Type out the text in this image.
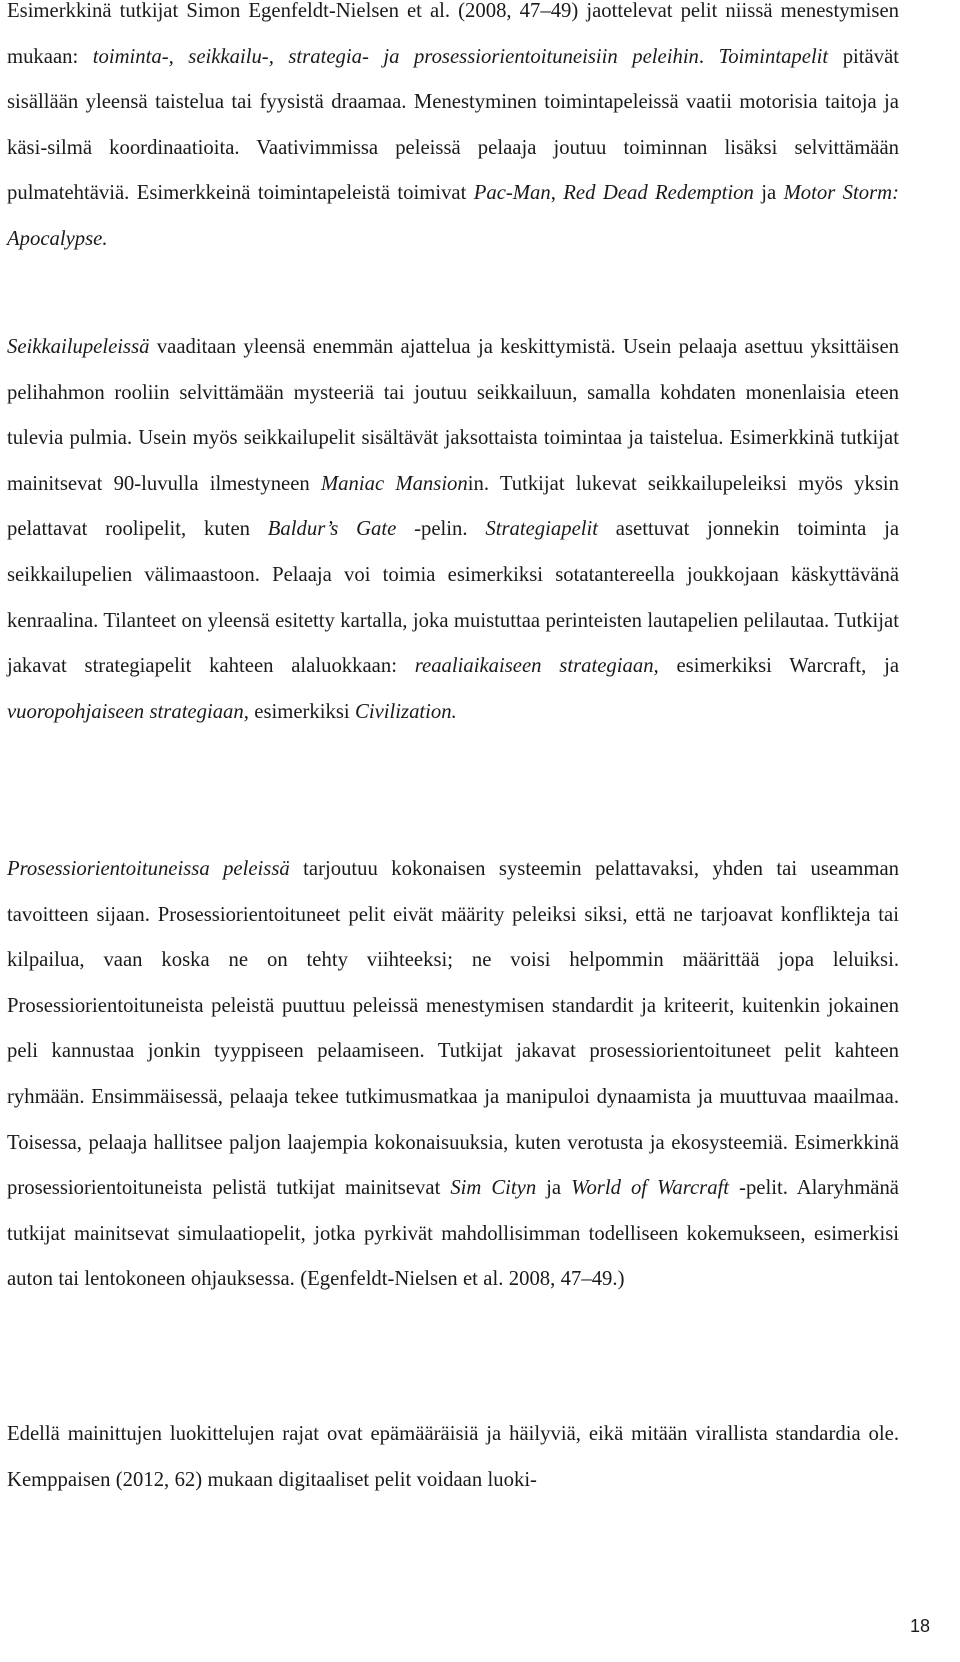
Esimerkkinä tutkijat Simon Egenfeldt-Nielsen et al. (2008, 47–49) jaottelevat pelit niissä menestymisen mukaan: toiminta-, seikkailu-, strategia- ja prosessiorientoituneisiin peleihin. Toimintapelit pitävät sisällään yleensä taistelua tai fyysistä draamaa. Menestyminen toimintapeleissä vaatii motorisia taitoja ja käsi-silmä koordinaatioita. Vaativimmissa peleissä pelaaja joutuu toiminnan lisäksi selvittämään pulmatehtäviä. Esimerkkeinä toimintapeleistä toimivat Pac-Man, Red Dead Redemption ja Motor Storm: Apocalypse.

Seikkailupeleissä vaaditaan yleensä enemmän ajattelua ja keskittymistä. Usein pelaaja asettuu yksittäisen pelihahmon rooliin selvittämään mysteeriä tai joutuu seikkailuun, samalla kohdaten monenlaisia eteen tulevia pulmia. Usein myös seikkailupelit sisältävät jaksottaista toimintaa ja taistelua. Esimerkkinä tutkijat mainitsevat 90-luvulla ilmestyneen Maniac Mansionin. Tutkijat lukevat seikkailupeleiksi myös yksin pelattavat roolipelit, kuten Baldur’s Gate -pelin. Strategiapelit asettuvat jonnekin toiminta ja seikkailupelien välimaastoon. Pelaaja voi toimia esimerkiksi sotatantereella joukkojaan käskyttävänä kenraalina. Tilanteet on yleensä esitetty kartalla, joka muistuttaa perinteisten lautapelien pelilautaa. Tutkijat jakavat strategiapelit kahteen alaluokkaan: reaaliaikaiseen strategiaan, esimerkiksi Warcraft, ja vuoropohjaiseen strategiaan, esimerkiksi Civilization.

Prosessiorientoituneissa peleissä tarjoutuu kokonaisen systeemin pelattavaksi, yhden tai useamman tavoitteen sijaan. Prosessiorientoituneet pelit eivät määrity peleiksi siksi, että ne tarjoavat konflikteja tai kilpailua, vaan koska ne on tehty viihteeksi; ne voisi helpommin määrittää jopa leluiksi. Prosessiorientoituneista peleistä puuttuu peleissä menestymisen standardit ja kriteerit, kuitenkin jokainen peli kannustaa jonkin tyyppiseen pelaamiseen. Tutkijat jakavat prosessiorientoituneet pelit kahteen ryhmään. Ensimmäisessä, pelaaja tekee tutkimusmatkaa ja manipuloi dynaamista ja muuttuvaa maailmaa. Toisessa, pelaaja hallitsee paljon laajempia kokonaisuuksia, kuten verotusta ja ekosysteemiä. Esimerkkinä prosessiorientoituneista pelistä tutkijat mainitsevat Sim Cityn ja World of Warcraft -pelit. Alaryhmänä tutkijat mainitsevat simulaatiopelit, jotka pyrkivät mahdollisimman todelliseen kokemukseen, esimerkisi auton tai lentokoneen ohjauksessa. (Egenfeldt-Nielsen et al. 2008, 47–49.)

Edellä mainittujen luokittelujen rajat ovat epämääräisiä ja häilyviä, eikä mitään virallista standardia ole. Kemppaisen (2012, 62) mukaan digitaaliset pelit voidaan luoki-

18
